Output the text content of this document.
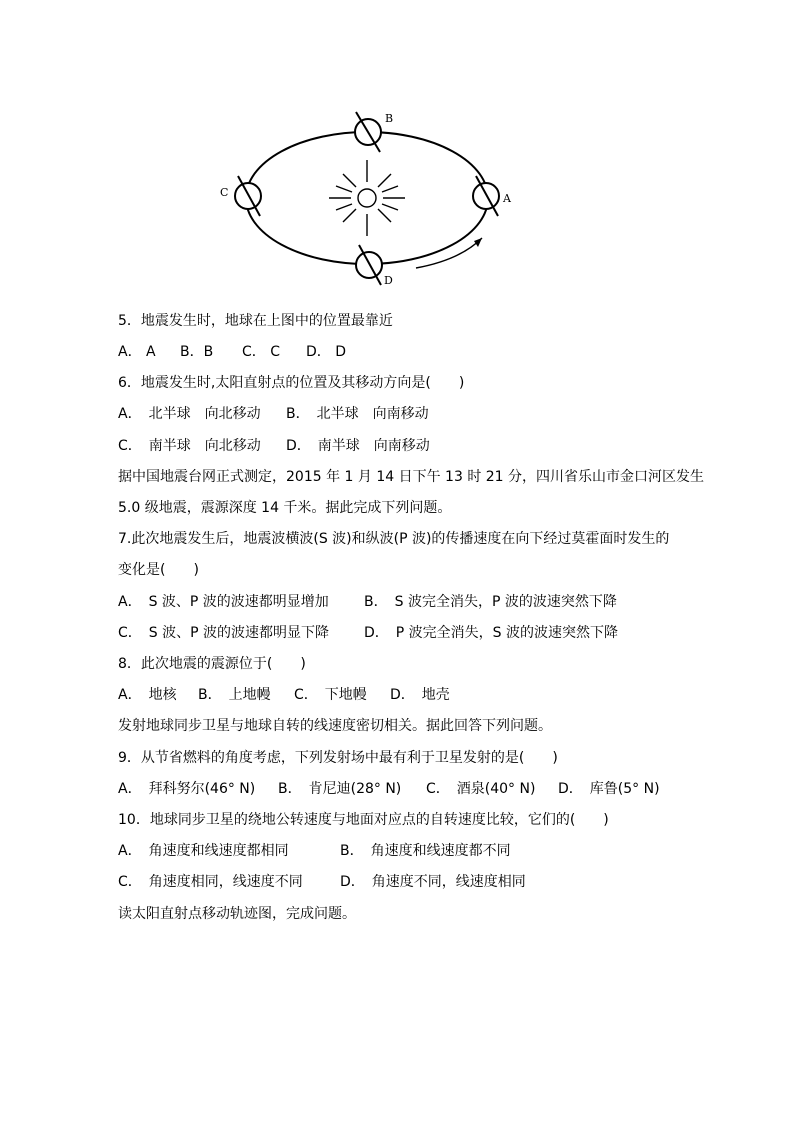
B
C	A
D
5．地震发生时，地球在上图中的位置最靠近
A． A B．B C． C D． D
6．地震发生时,太阳直射点的位置及其移动方向是(　　)
A．　北半球　向北移动 B．　北半球　向南移动
C．　南半球　向北移动 D．　南半球　向南移动
据中国地震台网正式测定，2015 年 1 月 14 日下午 13 时 21 分，四川省乐山市金口河区发生
5.0 级地震，震源深度 14 千米。据此完成下列问题。
7.此次地震发生后，地震波横波(S 波)和纵波(P 波)的传播速度在向下经过莫霍面时发生的
变化是(　　)
A．　S 波、P 波的波速都明显增加	B．　S 波完全消失，P 波的波速突然下降
C．　S 波、P 波的波速都明显下降 D．　P 波完全消失，S 波的波速突然下降
8．此次地震的震源位于(　　)
A．　地核 B．　上地幔 C．　下地幔 D．　地壳
发射地球同步卫星与地球自转的线速度密切相关。据此回答下列问题。
9．从节省燃料的角度考虑，下列发射场中最有利于卫星发射的是(　　)
A．　拜科努尔(46° N) B．　肯尼迪(28° N) C．　酒泉(40° N) D．　库鲁(5° N)
10．地球同步卫星的绕地公转速度与地面对应点的自转速度比较，它们的(　　)
A．　角速度和线速度都相同	B．　角速度和线速度都不同
C．　角速度相同，线速度不同	D．　角速度不同，线速度相同
读太阳直射点移动轨迹图，完成问题。
